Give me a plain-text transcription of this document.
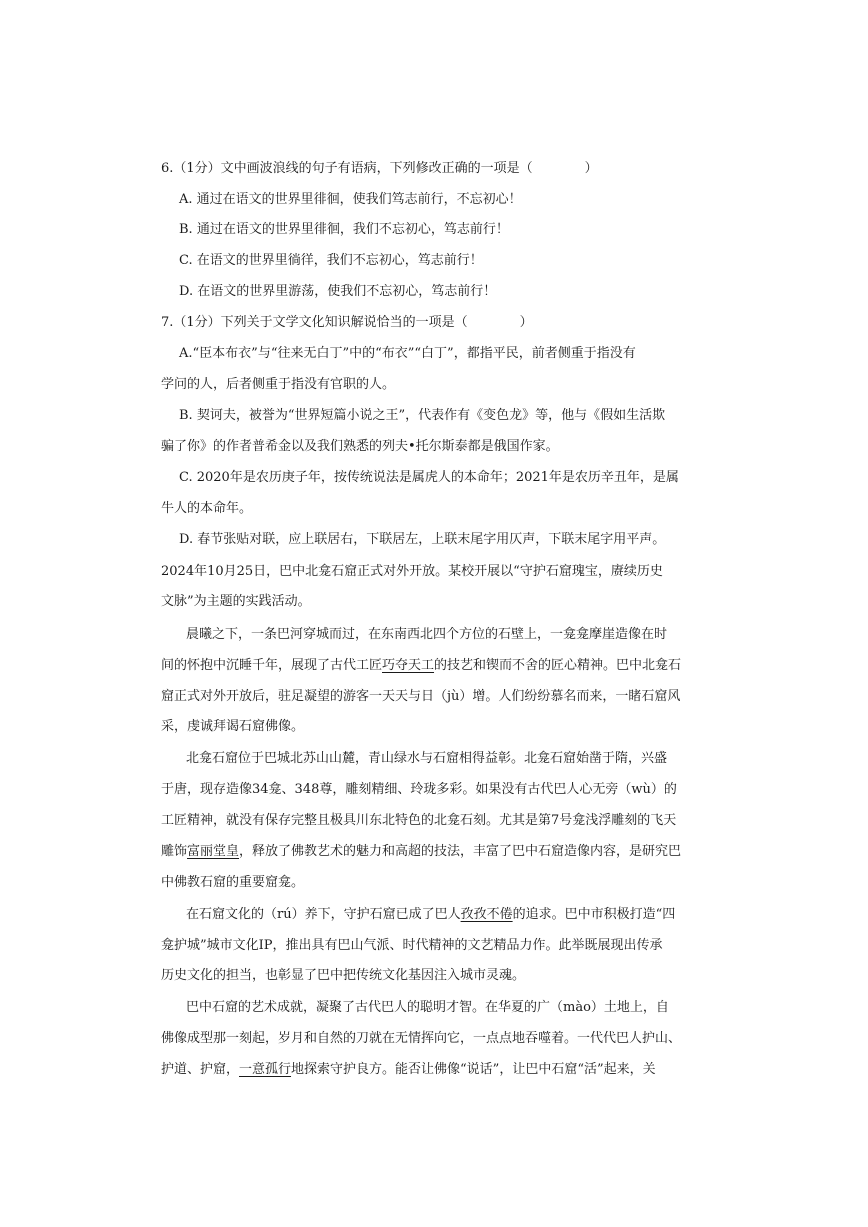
6.（1分）文中画波浪线的句子有语病，下列修改正确的一项是（　　　　）
A. 通过在语文的世界里徘徊，使我们笃志前行，不忘初心！
B. 通过在语文的世界里徘徊，我们不忘初心，笃志前行！
C. 在语文的世界里徜徉，我们不忘初心，笃志前行！
D. 在语文的世界里游荡，使我们不忘初心，笃志前行！
7.（1分）下列关于文学文化知识解说恰当的一项是（　　　　）
A.“臣本布衣”与“往来无白丁”中的“布衣”“白丁”，都指平民，前者侧重于指没有
学问的人，后者侧重于指没有官职的人。
B. 契诃夫，被誉为“世界短篇小说之王”，代表作有《变色龙》等，他与《假如生活欺
骗了你》的作者普希金以及我们熟悉的列夫•托尔斯泰都是俄国作家。
C. 2020年是农历庚子年，按传统说法是属虎人的本命年；2021年是农历辛丑年，是属
牛人的本命年。
D. 春节张贴对联，应上联居右，下联居左，上联末尾字用仄声，下联末尾字用平声。
2024年10月25日，巴中北龛石窟正式对外开放。某校开展以“守护石窟瑰宝，赓续历史
文脉”为主题的实践活动。
晨曦之下，一条巴河穿城而过，在东南西北四个方位的石壁上，一龛龛摩崖造像在时
间的怀抱中沉睡千年，展现了古代工匠巧夺天工的技艺和锲而不舍的匠心精神。巴中北龛石
窟正式对外开放后，驻足凝望的游客一天天与日（jù）增。人们纷纷慕名而来，一睹石窟风
采，虔诚拜谒石窟佛像。
北龛石窟位于巴城北苏山山麓，青山绿水与石窟相得益彰。北龛石窟始凿于隋，兴盛
于唐，现存造像34龛、348尊，雕刻精细、玲珑多彩。如果没有古代巴人心无旁（wù）的
工匠精神，就没有保存完整且极具川东北特色的北龛石刻。尤其是第7号龛浅浮雕刻的飞天
雕饰富丽堂皇，释放了佛教艺术的魅力和高超的技法，丰富了巴中石窟造像内容，是研究巴
中佛教石窟的重要窟龛。
在石窟文化的（rú）养下，守护石窟已成了巴人孜孜不倦的追求。巴中市积极打造“四
龛护城”城市文化IP，推出具有巴山气派、时代精神的文艺精品力作。此举既展现出传承
历史文化的担当，也彰显了巴中把传统文化基因注入城市灵魂。
巴中石窟的艺术成就，凝聚了古代巴人的聪明才智。在华夏的广（mào）土地上，自
佛像成型那一刻起，岁月和自然的刀就在无情挥向它，一点点地吞噬着。一代代巴人护山、
护道、护窟，一意孤行地探索守护良方。能否让佛像“说话”，让巴中石窟“活”起来，关
